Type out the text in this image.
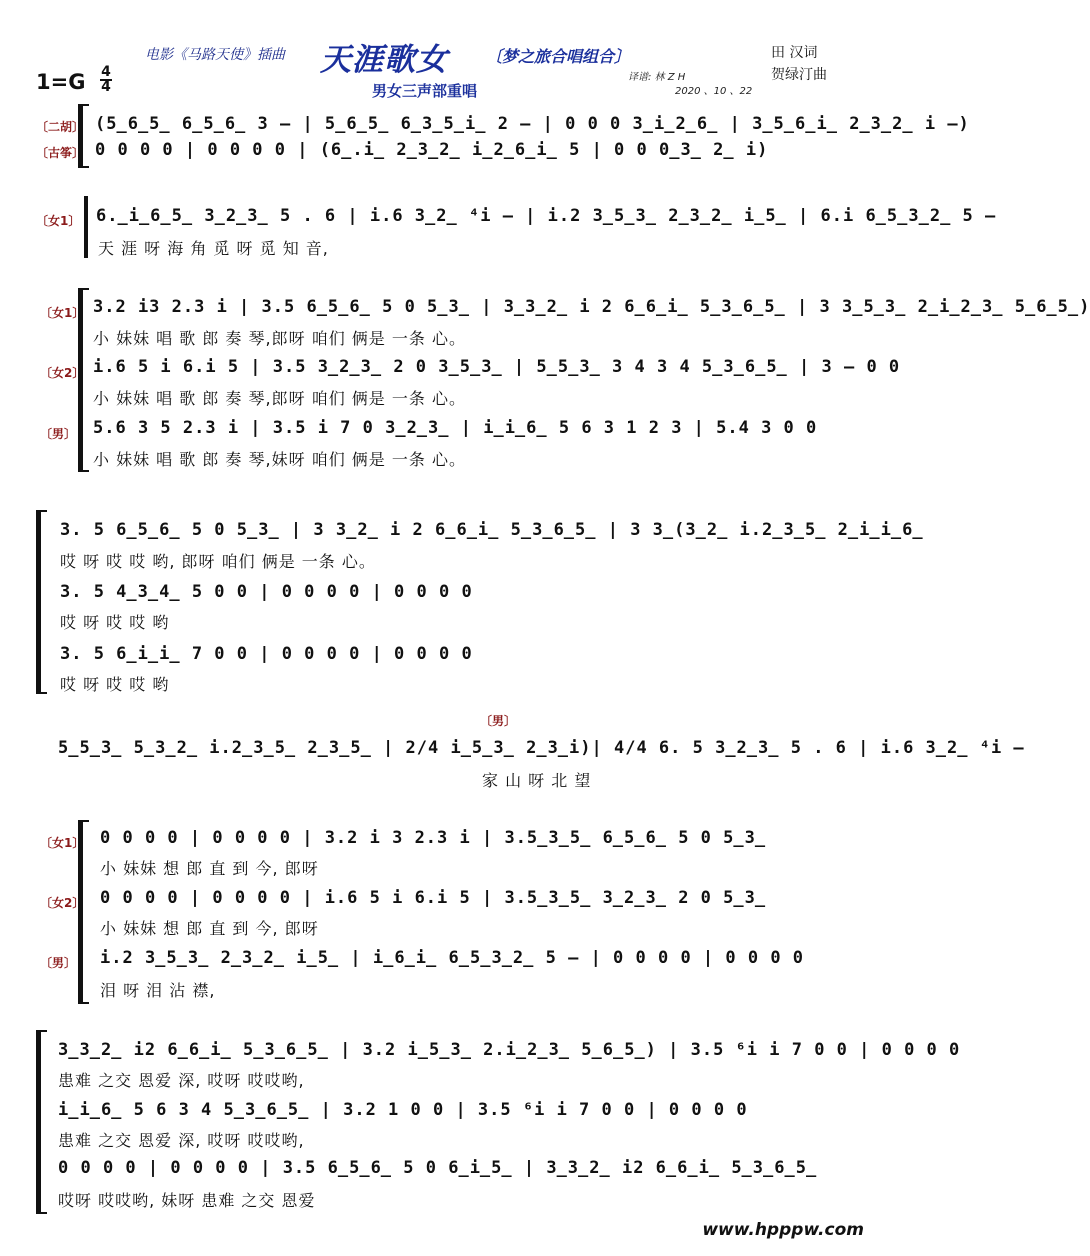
电影《马路天使》插曲 天涯歌女 〔梦之旅合唱组合〕
男女三声部重唱
译谱: 林 Z H
2020 、10 、22
田 汉词
贺绿汀曲
1=G 4
4
〔二胡〕
〔古筝〕
(5̲6̲5̲ 6̲5̲6̲ 3 – | 5̲6̲5̲ 6̲3̲5̲i̲ 2 – | 0 0 0 3̲i̲2̲6̲ | 3̲5̲6̲i̲ 2̲3̲2̲ i –)
0 0 0 0 | 0 0 0 0 | (6̲.i̲ 2̲3̲2̲ i̲2̲6̲i̲ 5 | 0 0 0̲3̲ 2̲ i)
〔女1〕 6.̲i̲6̲5̲ 3̲2̲3̲ 5 . 6 | i.6 3̲2̲ ⁴i – | i.2 3̲5̲3̲ 2̲3̲2̲ i̲5̲ | 6.i 6̲5̲3̲2̲ 5 –
天 涯 呀 海 角 觅 呀 觅 知 音,
〔女1〕
〔女2〕
〔男〕
3.2 i3 2.3 i | 3.5 6̲5̲6̲ 5 0 5̲3̲ | 3̲3̲2̲ i 2 6̲6̲i̲ 5̲3̲6̲5̲ | 3 3̲5̲3̲ 2̲i̲2̲3̲ 5̲6̲5̲)
小 妹妹 唱 歌 郎 奏 琴,郎呀 咱们 俩是 一条 心。
i.6 5 i 6.i 5 | 3.5 3̲2̲3̲ 2 0 3̲5̲3̲ | 5̲5̲3̲ 3 4 3 4 5̲3̲6̲5̲ | 3 – 0 0
小 妹妹 唱 歌 郎 奏 琴,郎呀 咱们 俩是 一条 心。
5.6 3 5 2.3 i | 3.5 i 7 0 3̲2̲3̲ | i̲i̲6̲ 5 6 3 1 2 3 | 5.4 3 0 0
小 妹妹 唱 歌 郎 奏 琴,妹呀 咱们 俩是 一条 心。
3. 5 6̲5̲6̲ 5 0 5̲3̲ | 3 3̲2̲ i 2 6̲6̲i̲ 5̲3̲6̲5̲ | 3 3̲(3̲2̲ i.2̲3̲5̲ 2̲i̲i̲6̲
哎 呀 哎 哎 哟, 郎呀 咱们 俩是 一条 心。
3. 5 4̲3̲4̲ 5 0 0 | 0 0 0 0 | 0 0 0 0
哎 呀 哎 哎 哟
3. 5 6̲i̲i̲ 7 0 0 | 0 0 0 0 | 0 0 0 0
哎 呀 哎 哎 哟
〔男〕
5̲5̲3̲ 5̲3̲2̲ i.2̲3̲5̲ 2̲3̲5̲ | 2/4 i̲5̲3̲ 2̲3̲i)| 4/4 6. 5 3̲2̲3̲ 5 . 6 | i.6 3̲2̲ ⁴i –
家 山 呀 北 望
〔女1〕
〔女2〕
〔男〕
0 0 0 0 | 0 0 0 0 | 3.2 i 3 2.3 i | 3.5̲3̲5̲ 6̲5̲6̲ 5 0 5̲3̲
小 妹妹 想 郎 直 到 今, 郎呀
0 0 0 0 | 0 0 0 0 | i.6 5 i 6.i 5 | 3.5̲3̲5̲ 3̲2̲3̲ 2 0 5̲3̲
小 妹妹 想 郎 直 到 今, 郎呀
i.2 3̲5̲3̲ 2̲3̲2̲ i̲5̲ | i̲6̲i̲ 6̲5̲3̲2̲ 5 – | 0 0 0 0 | 0 0 0 0
泪 呀 泪 沾 襟,
3̲3̲2̲ i2 6̲6̲i̲ 5̲3̲6̲5̲ | 3.2 i̲5̲3̲ 2.i̲2̲3̲ 5̲6̲5̲) | 3.5 ⁶i i 7 0 0 | 0 0 0 0
患难 之交 恩爱 深, 哎呀 哎哎哟,
i̲i̲6̲ 5 6 3 4 5̲3̲6̲5̲ | 3.2 1 0 0 | 3.5 ⁶i i 7 0 0 | 0 0 0 0
患难 之交 恩爱 深, 哎呀 哎哎哟,
0 0 0 0 | 0 0 0 0 | 3.5 6̲5̲6̲ 5 0 6̲i̲5̲ | 3̲3̲2̲ i2 6̲6̲i̲ 5̲3̲6̲5̲
哎呀 哎哎哟, 妹呀 患难 之交 恩爱
www.hpppw.com
